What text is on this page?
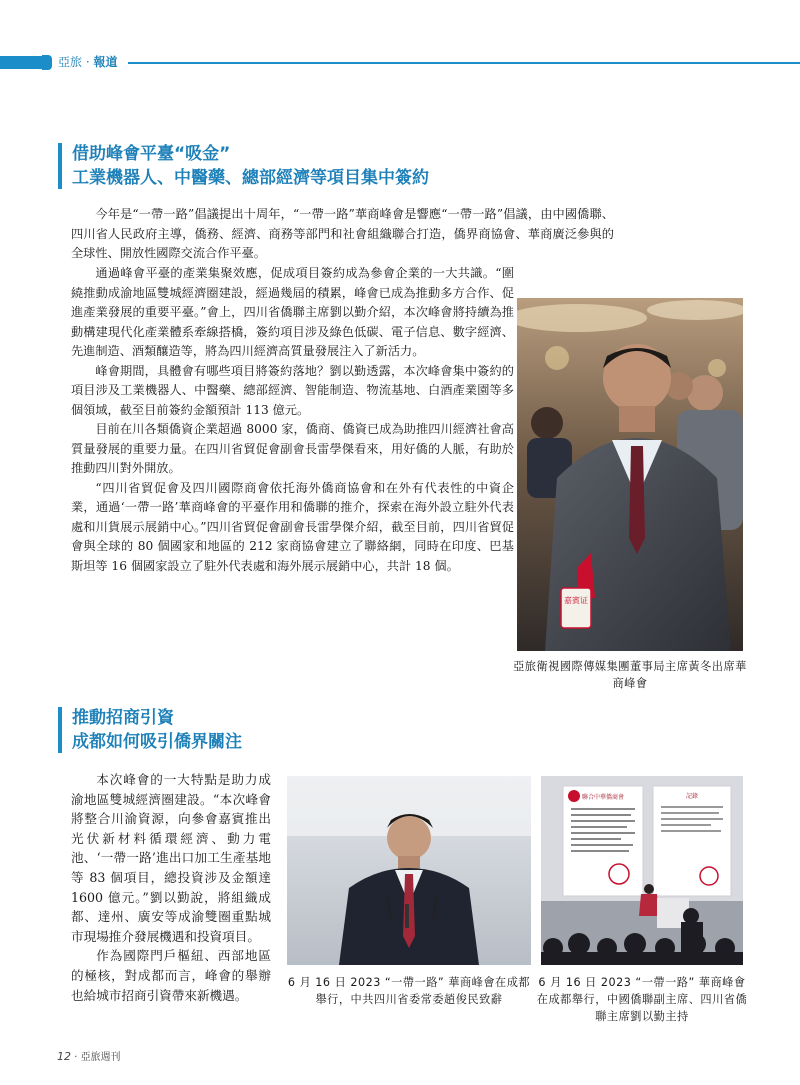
亞旅 · 報道
借助峰會平臺“吸金”
工業機器人、中醫藥、總部經濟等項目集中簽約

今年是“一帶一路”倡議提出十周年，“一帶一路”華商峰會是響應“一帶一路”倡議，由中國僑聯、四川省人民政府主導，僑務、經濟、商務等部門和社會組織聯合打造，僑界商協會、華商廣泛參與的全球性、開放性國際交流合作平臺。

通過峰會平臺的產業集聚效應，促成項目簽約成為參會企業的一大共識。“圍繞推動成渝地區雙城經濟圈建設，經過幾屆的積累，峰會已成為推動多方合作、促進產業發展的重要平臺。”會上，四川省僑聯主席劉以勤介紹，本次峰會將持續為推動構建現代化產業體系牽線搭橋，簽約項目涉及綠色低碳、電子信息、數字經濟、先進制造、酒類釀造等，將為四川經濟高質量發展注入了新活力。

峰會期間，具體會有哪些項目將簽約落地？劉以勤透露，本次峰會集中簽約的項目涉及工業機器人、中醫藥、總部經濟、智能制造、物流基地、白酒產業園等多個領域，截至目前簽約金額預計 113 億元。

目前在川各類僑資企業超過 8000 家，僑商、僑資已成為助推四川經濟社會高質量發展的重要力量。在四川省貿促會副會長雷學傑看來，用好僑的人脈，有助於推動四川對外開放。

“四川省貿促會及四川國際商會依托海外僑商協會和在外有代表性的中資企業，通過‘一帶一路’華商峰會的平臺作用和僑聯的推介，探索在海外設立駐外代表處和川貨展示展銷中心。”四川省貿促會副會長雷學傑介紹，截至目前，四川省貿促會與全球的 80 個國家和地區的 212 家商協會建立了聯絡網，同時在印度、巴基斯坦等 16 個國家設立了駐外代表處和海外展示展銷中心，共計 18 個。

嘉賓证
亞旅衛視國際傳媒集團董事局主席黃冬出席華商峰會
推動招商引資
成都如何吸引僑界關注

本次峰會的一大特點是助力成渝地區雙城經濟圈建設。“本次峰會將整合川渝資源，向參會嘉賓推出光伏新材料循環經濟、動力電池、‘一帶一路’進出口加工生產基地等 83 個項目，總投資涉及金額達 1600 億元。”劉以勤說，將組織成都、達州、廣安等成渝雙圈重點城市現場推介發展機遇和投資項目。

作為國際門戶樞紐、西部地區的極核，對成都而言，峰會的舉辦也給城市招商引資帶來新機遇。

6 月 16 日 2023 “一帶一路” 華商峰會在成都舉行，中共四川省委常委趙俊民致辭
聯合中華僑商會	記錄
6 月 16 日 2023 “一帶一路” 華商峰會在成都舉行，中國僑聯副主席、四川省僑聯主席劉以勤主持
12 · 亞旅週刊
